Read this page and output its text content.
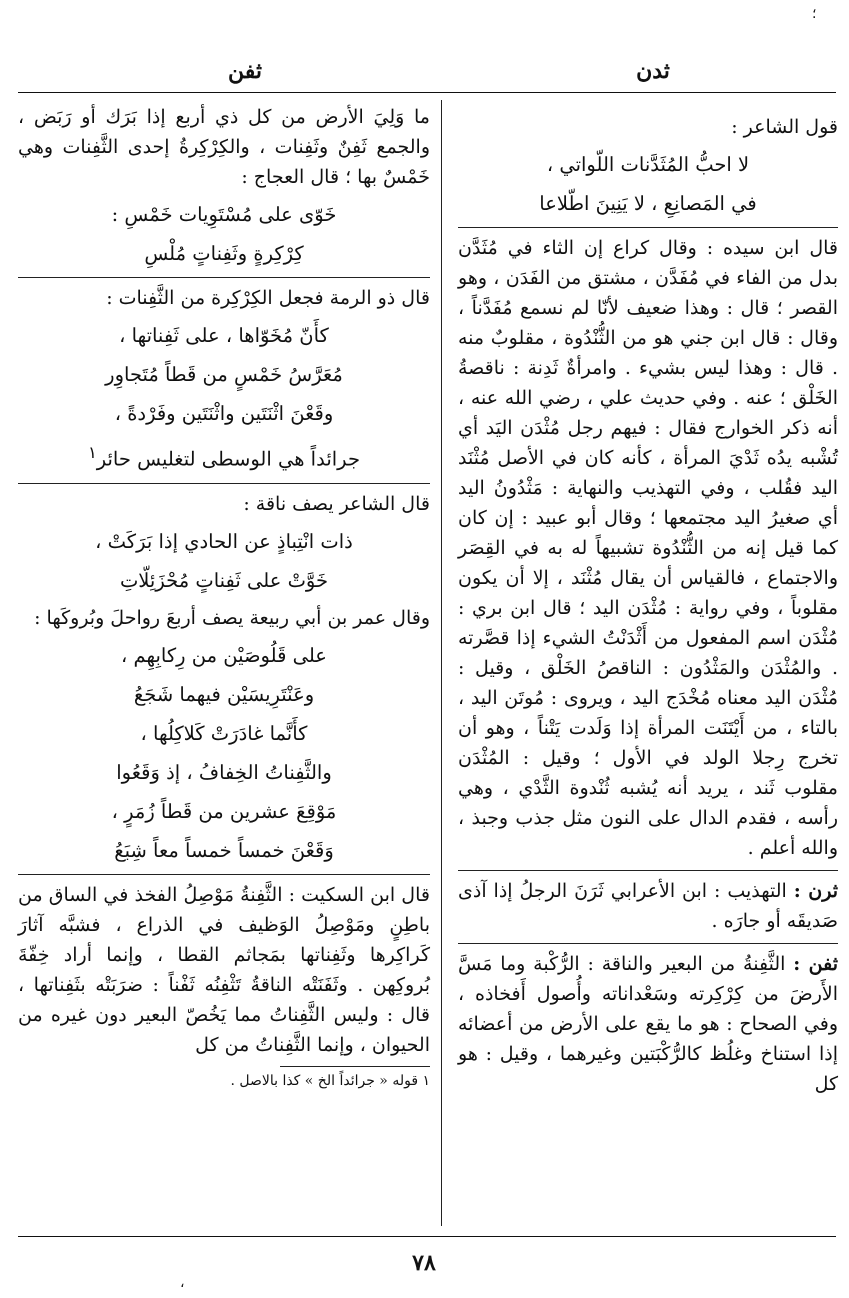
؛
ثدن
ثفن

قول الشاعر :

لا احبُّ المُثَدَّنات اللّواتي ،
في المَصانِعِ ، لا يَنِينَ اطّلاعا

قال ابن سيده : وقال كراع إن الثاء في مُثَدَّن بدل من الفاء في مُفَدَّن ، مشتق من الفَدَن ، وهو القصر ؛ قال : وهذا ضعيف لأنّا لم نسمع مُفَدَّناً ، وقال : قال ابن جني هو من الثُّنْدُوة ، مقلوبٌ منه . قال : وهذا ليس بشيء . وامرأةٌ ثَدِنة : ناقصةُ الخَلْق ؛ عنه . وفي حديث علي ، رضي الله عنه ، أنه ذكر الخوارج فقال : فيهم رجل مُثْدَن اليَد أي تُشْبه يدُه ثَدْيَ المرأة ، كأنه كان في الأصل مُثْنَد اليد فقُلب ، وفي التهذيب والنهاية : مَثْدُونُ اليد أي صغيرُ اليد مجتمعها ؛ وقال أبو عبيد : إن كان كما قيل إنه من الثُّنْدُوة تشبيهاً له به في القِصَر والاجتماع ، فالقياس أن يقال مُثْنَد ، إلا أن يكون مقلوباً ، وفي رواية : مُثْدَن اليد ؛ قال ابن بري : مُثْدَن اسم المفعول من أَثْدَنْتُ الشيء إذا قصَّرته . والمُثْدَن والمَثْدُون : الناقصُ الخَلْق ، وقيل : مُثْدَن اليد معناه مُخْدَج اليد ، ويروى : مُوتَن اليد ، بالتاء ، من أَيْتَنَت المرأة إذا وَلَدت يَتْناً ، وهو أن تخرج رِجلا الولد في الأول ؛ وقيل : المُثْدَن مقلوب ثَند ، يريد أنه يُشبه ثُنْدوة الثَّدْي ، وهي رأسه ، فقدم الدال على النون مثل جذب وجبذ ، والله أعلم .

ثرن : التهذيب : ابن الأعرابي ثَرَنَ الرجلُ إذا آذى صَديقَه أو جارَه .

ثفن : الثَّفِنةُ من البعير والناقة : الرُّكْبة وما مَسَّ الأَرضَ من كِرْكِرته وسَعْداناته وأُصول أَفخاذه ، وفي الصحاح : هو ما يقع على الأرض من أعضائه إذا استناخ وغلُظ كالرُّكْبَتين وغيرهما ، وقيل : هو كل

ما وَلِيَ الأرض من كل ذي أربع إذا بَرَك أو رَبَض ، والجمع ثَفِنٌ وثَفِنات ، والكِرْكِرةُ إحدى الثَّفِنات وهي خَمْسٌ بها ؛ قال العجاج :

خَوّى على مُسْتَوِيات خَمْسِ :
كِرْكِرةٍ وثَفِناتٍ مُلْسِ

قال ذو الرمة فجعل الكِرْكِرة من الثَّفِنات :

كأَنّ مُخَوّاها ، على ثَفِناتها ،
مُعَرَّسُ خَمْسٍ من قَطاً مُتَجاوِر
وقَعْنَ اثْنَتَين واثْنَتَين وفَرْدةً ،
جرائداً هي الوسطى لتغليس حائر$^١$

قال الشاعر يصف ناقة :

ذات انْتِباذٍ عن الحادي إذا بَرَكَتْ ،
خَوَّتْ على ثَفِناتٍ مُحْزَئِلّاتِ

وقال عمر بن أبي ربيعة يصف أربعَ رواحلَ وبُروكَها :

على قَلُوصَيْن من رِكابِهِم ،
وعَنْتَرِيسَيْن فيهما شَجَعُ
كأَنَّما غادَرَتْ كَلاكِلُها ،
والثَّفِناتُ الخِفافُ ، إذ وَقَعُوا
مَوْقِعَ عشرين من قَطاً زُمَرٍ ،
وَقَعْنَ خمساً خمساً معاً شِبَعُ

قال ابن السكيت : الثَّفِنةُ مَوْصِلُ الفخذ في الساق من باطِنٍ ومَوْصِلُ الوَظيف في الذراع ، فشبَّه آثارَ كَراكِرها وثَفِناتها بمَجاثم القطا ، وإنما أراد خِفّةَ بُروكِهن . وثَفَنَتْه الناقةُ تَثْفِنُه ثَفْناً : ضرَبَتْه بثَفِناتها ، قال : وليس الثَّفِناتُ مما يَخُصّ البعير دون غيره من الحيوان ، وإنما الثَّفِناتُ من كل

١ قوله « جرائداً الخ » كذا بالاصل .
٧٨
،
